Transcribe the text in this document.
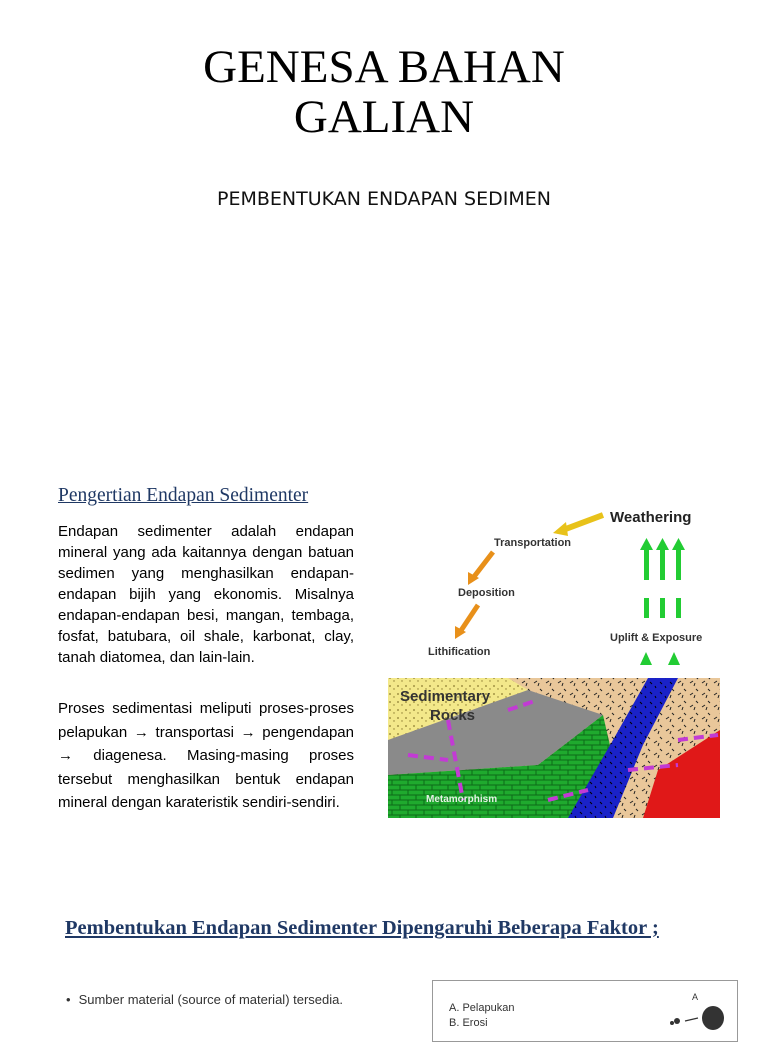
GENESA BAHAN
GALIAN
PEMBENTUKAN ENDAPAN SEDIMEN
Pengertian Endapan Sedimenter
Endapan sedimenter adalah endapan mineral yang ada kaitannya dengan batuan sedimen yang menghasilkan endapan-endapan bijih yang ekonomis. Misalnya endapan-endapan besi, mangan, tembaga, fosfat, batubara, oil shale, karbonat, clay, tanah diatomea, dan lain-lain.
Proses sedimentasi meliputi proses-proses pelapukan → transportasi → pengendapan → diagenesa. Masing-masing proses tersebut menghasilkan bentuk endapan mineral dengan karateristik sendiri-sendiri.
Weathering
Transportation
Deposition
Lithification
Uplift & Exposure
Sedimentary
Rocks
Metamorphism
Pembentukan Endapan Sedimenter Dipengaruhi Beberapa Faktor ;
• Sumber material (source of material) tersedia.
A. Pelapukan
B. Erosi
A
